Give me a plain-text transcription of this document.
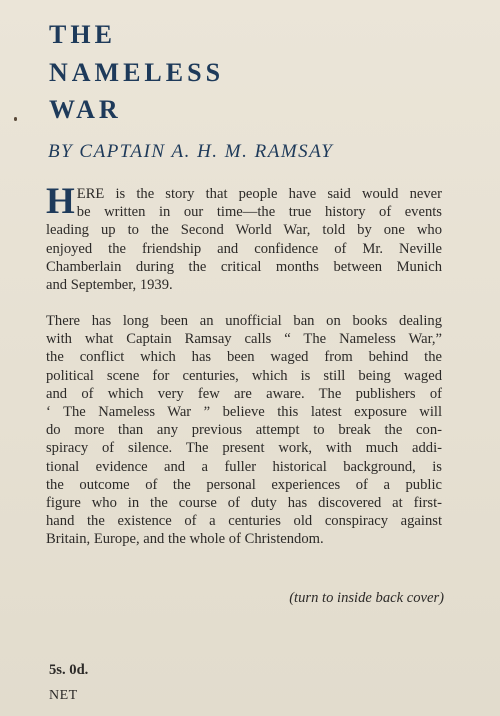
THE
NAMELESS
WAR

BY CAPTAIN A. H. M. RAMSAY

H ERE is the story that people have said would never
be written in our time—the true history of events
leading up to the Second World War, told by one who
enjoyed the friendship and confidence of Mr. Neville
Chamberlain during the critical months between Munich
and September, 1939.
There has long been an unofficial ban on books dealing
with what Captain Ramsay calls “ The Nameless War,”
the conflict which has been waged from behind the
political scene for centuries, which is still being waged
and of which very few are aware. The publishers of
‘ The Nameless War ” believe this latest exposure will
do more than any previous attempt to break the con-
spiracy of silence. The present work, with much addi-
tional evidence and a fuller historical background, is
the outcome of the personal experiences of a public
figure who in the course of duty has discovered at first-
hand the existence of a centuries old conspiracy against
Britain, Europe, and the whole of Christendom.

(turn to inside back cover)

5s. 0d.

NET
